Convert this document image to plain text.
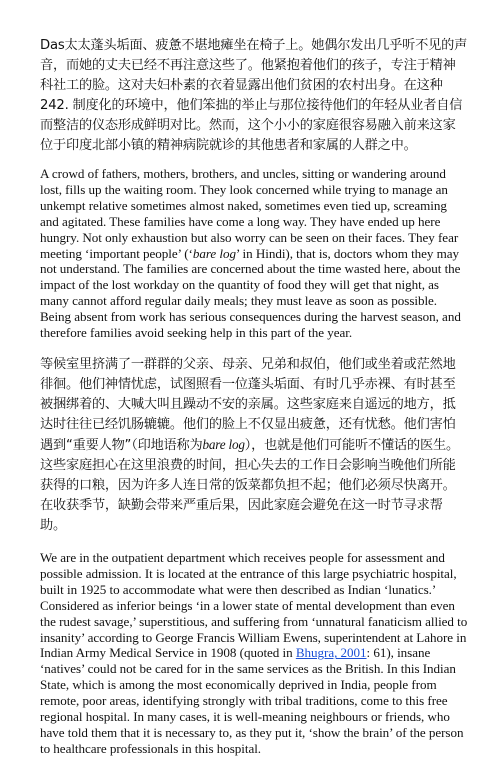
Das太太蓬头垢面、疲惫不堪地瘫坐在椅子上。她偶尔发出几乎听不见的声音，而她的丈夫已经不再注意这些了。他紧抱着他们的孩子，专注于精神科社工的脸。这对夫妇朴素的衣着显露出他们贫困的农村出身。在这种242. 制度化的环境中，他们笨拙的举止与那位接待他们的年轻从业者自信而整洁的仪态形成鲜明对比。然而，这个小小的家庭很容易融入前来这家位于印度北部小镇的精神病院就诊的其他患者和家属的人群之中。

A crowd of fathers, mothers, brothers, and uncles, sitting or wandering around lost, fills up the waiting room. They look concerned while trying to manage an unkempt relative sometimes almost naked, sometimes even tied up, screaming and agitated. These families have come a long way. They have ended up here hungry. Not only exhaustion but also worry can be seen on their faces. They fear meeting ‘important people’ (‘bare log’ in Hindi), that is, doctors whom they may not understand. The families are concerned about the time wasted here, about the impact of the lost workday on the quantity of food they will get that night, as many cannot afford regular daily meals; they must leave as soon as possible. Being absent from work has serious consequences during the harvest season, and therefore families avoid seeking help in this part of the year.

等候室里挤满了一群群的父亲、母亲、兄弟和叔伯，他们或坐着或茫然地徘徊。他们神情忧虑，试图照看一位蓬头垢面、有时几乎赤裸、有时甚至被捆绑着的、大喊大叫且躁动不安的亲属。这些家庭来自遥远的地方，抵达时往往已经饥肠辘辘。他们的脸上不仅显出疲惫，还有忧愁。他们害怕遇到“重要人物”（印地语称为bare log），也就是他们可能听不懂话的医生。这些家庭担心在这里浪费的时间，担心失去的工作日会影响当晚他们所能获得的口粮，因为许多人连日常的饭菜都负担不起；他们必须尽快离开。在收获季节，缺勤会带来严重后果，因此家庭会避免在这一时节寻求帮助。

We are in the outpatient department which receives people for assessment and possible admission. It is located at the entrance of this large psychiatric hospital, built in 1925 to accommodate what were then described as Indian ‘lunatics.’ Considered as inferior beings ‘in a lower state of mental development than even the rudest savage,’ superstitious, and suffering from ‘unnatural fanaticism allied to insanity’ according to George Francis William Ewens, superintendent at Lahore in Indian Army Medical Service in 1908 (quoted in Bhugra, 2001: 61), insane ‘natives’ could not be cared for in the same services as the British. In this Indian State, which is among the most economically deprived in India, people from remote, poor areas, identifying strongly with tribal traditions, come to this free regional hospital. In many cases, it is well-meaning neighbours or friends, who have told them that it is necessary to, as they put it, ‘show the brain’ of the person to healthcare professionals in this hospital.
